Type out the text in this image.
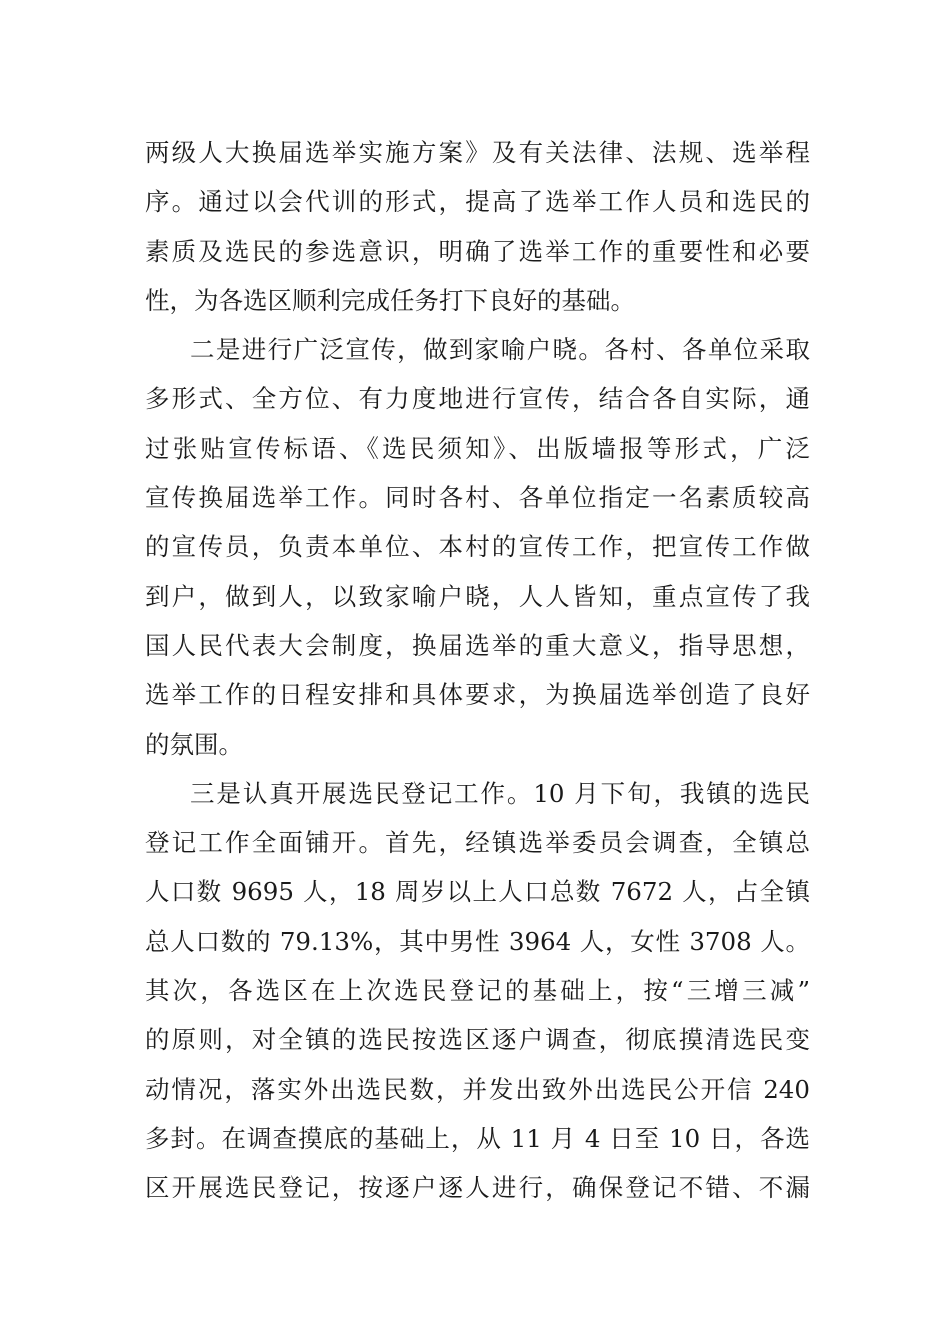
两级人大换届选举实施方案》及有关法律、法规、选举程
序。通过以会代训的形式，提高了选举工作人员和选民的
素质及选民的参选意识，明确了选举工作的重要性和必要
性，为各选区顺利完成任务打下良好的基础。
二是进行广泛宣传，做到家喻户晓。各村、各单位采取
多形式、全方位、有力度地进行宣传，结合各自实际，通
过张贴宣传标语、《选民须知》、出版墙报等形式，广泛
宣传换届选举工作。同时各村、各单位指定一名素质较高
的宣传员，负责本单位、本村的宣传工作，把宣传工作做
到户，做到人，以致家喻户晓，人人皆知，重点宣传了我
国人民代表大会制度，换届选举的重大意义，指导思想，
选举工作的日程安排和具体要求，为换届选举创造了良好
的氛围。
三是认真开展选民登记工作。10 月下旬，我镇的选民
登记工作全面铺开。首先，经镇选举委员会调查，全镇总
人口数 9695 人，18 周岁以上人口总数 7672 人，占全镇
总人口数的 79.13%，其中男性 3964 人，女性 3708 人。
其次，各选区在上次选民登记的基础上，按“三增三减”
的原则，对全镇的选民按选区逐户调查，彻底摸清选民变
动情况，落实外出选民数，并发出致外出选民公开信 240
多封。在调查摸底的基础上，从 11 月 4 日至 10 日，各选
区开展选民登记，按逐户逐人进行，确保登记不错、不漏
